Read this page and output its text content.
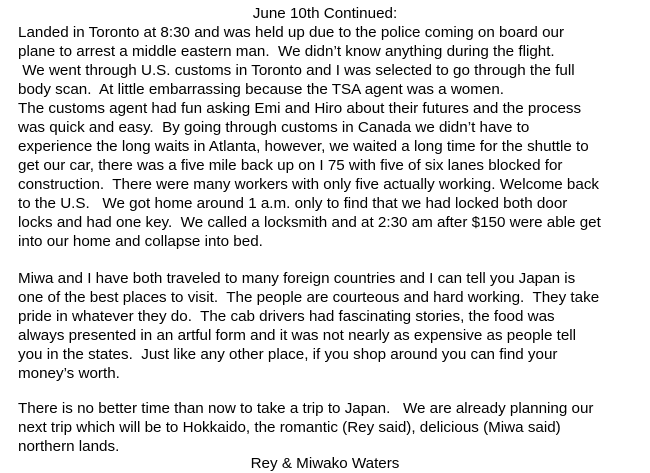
June 10th Continued:
Landed in Toronto at 8:30 and was held up due to the police coming on board our
plane to arrest a middle eastern man.  We didn’t know anything during the flight.
We went through U.S. customs in Toronto and I was selected to go through the full
body scan.  At little embarrassing because the TSA agent was a women.
The customs agent had fun asking Emi and Hiro about their futures and the process
was quick and easy.  By going through customs in Canada we didn’t have to
experience the long waits in Atlanta, however, we waited a long time for the shuttle to
get our car, there was a five mile back up on I 75 with five of six lanes blocked for
construction.  There were many workers with only five actually working. Welcome back
to the U.S.   We got home around 1 a.m. only to find that we had locked both door
locks and had one key.  We called a locksmith and at 2:30 am after $150 were able get
into our home and collapse into bed.
Miwa and I have both traveled to many foreign countries and I can tell you Japan is
one of the best places to visit.  The people are courteous and hard working.  They take
pride in whatever they do.  The cab drivers had fascinating stories, the food was
always presented in an artful form and it was not nearly as expensive as people tell
you in the states.  Just like any other place, if you shop around you can find your
money’s worth.
There is no better time than now to take a trip to Japan.   We are already planning our
next trip which will be to Hokkaido, the romantic (Rey said), delicious (Miwa said)
northern lands.
Rey & Miwako Waters
